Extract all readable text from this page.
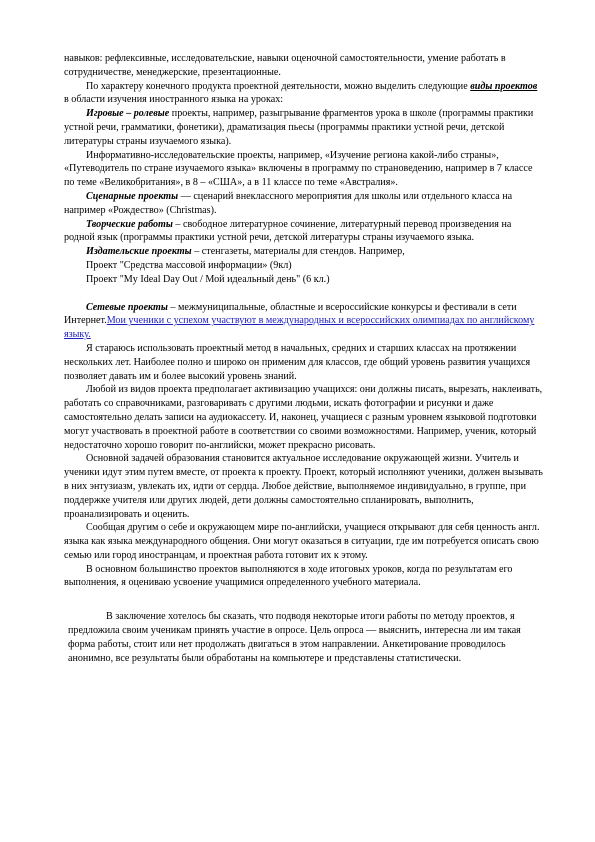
навыков: рефлексивные, исследовательские, навыки оценочной самостоятельности, умение работать в сотрудничестве, менеджерские, презентационные.

По характеру конечного продукта проектной деятельности, можно выделить следующие виды проектов в области изучения иностранного языка на уроках:

Игровые – ролевые проекты, например, разыгрывание фрагментов урока в школе (программы практики устной речи, грамматики, фонетики), драматизация пьесы (программы практики устной речи, детской литературы страны изучаемого языка).

Информативно-исследовательские проекты, например, «Изучение региона какой-либо страны», «Путеводитель по стране изучаемого языка» включены в программу по страноведению, например в 7 классе по теме «Великобритания», в 8 – «США», а в 11 классе по теме «Австралия».

Сценарные проекты — сценарий внеклассного мероприятия для школы или отдельного класса на например «Рождество» (Christmas).

Творческие работы – свободное литературное сочинение, литературный перевод произведения на родной язык (программы практики устной речи, детской литературы страны изучаемого языка.

Издательские проекты – стенгазеты, материалы для стендов. Например,

Проект "Средства массовой информации» (9кл)

Проект "My Ideal Day Out / Мой идеальный день" (6 кл.)

Сетевые проекты – межмуниципальные, областные и всероссийские конкурсы и фестивали в сети Интернет.Мои ученики с успехом участвуют в международных и всероссийских олимпиадах по английскому языку.

Я стараюсь использовать проектный метод в начальных, средних и старших классах на протяжении нескольких лет. Наиболее полно и широко он применим для классов, где общий уровень развития учащихся позволяет давать им и более высокий уровень знаний.

Любой из видов проекта предполагает активизацию учащихся: они должны писать, вырезать, наклеивать, работать со справочниками, разговаривать с другими людьми, искать фотографии и рисунки и даже самостоятельно делать записи на аудиокассету. И, наконец, учащиеся с разным уровнем языковой подготовки могут участвовать в проектной работе в соответствии со своими возможностями. Например, ученик, который недостаточно хорошо говорит по-английски, может прекрасно рисовать.

Основной задачей образования становится актуальное исследование окружающей жизни. Учитель и ученики идут этим путем вместе, от проекта к проекту. Проект, который исполняют ученики, должен вызывать в них энтузиазм, увлекать их, идти от сердца. Любое действие, выполняемое индивидуально, в группе, при поддержке учителя или других людей, дети должны самостоятельно спланировать, выполнить, проанализировать и оценить.

Сообщая другим о себе и окружающем мире по-английски, учащиеся открывают для себя ценность англ. языка как языка международного общения. Они могут оказаться в ситуации, где им потребуется описать свою семью или город иностранцам, и проектная работа готовит их к этому.

В основном большинство проектов выполняются в ходе итоговых уроков, когда по результатам его выполнения, я оцениваю усвоение учащимися определенного учебного материала.

В заключение хотелось бы сказать, что подводя некоторые итоги работы по методу проектов, я предложила своим ученикам принять участие в опросе. Цель опроса — выяснить, интересна ли им такая форма работы, стоит или нет продолжать двигаться в этом направлении. Анкетирование проводилось анонимно, все результаты были обработаны на компьютере и представлены статистически.
